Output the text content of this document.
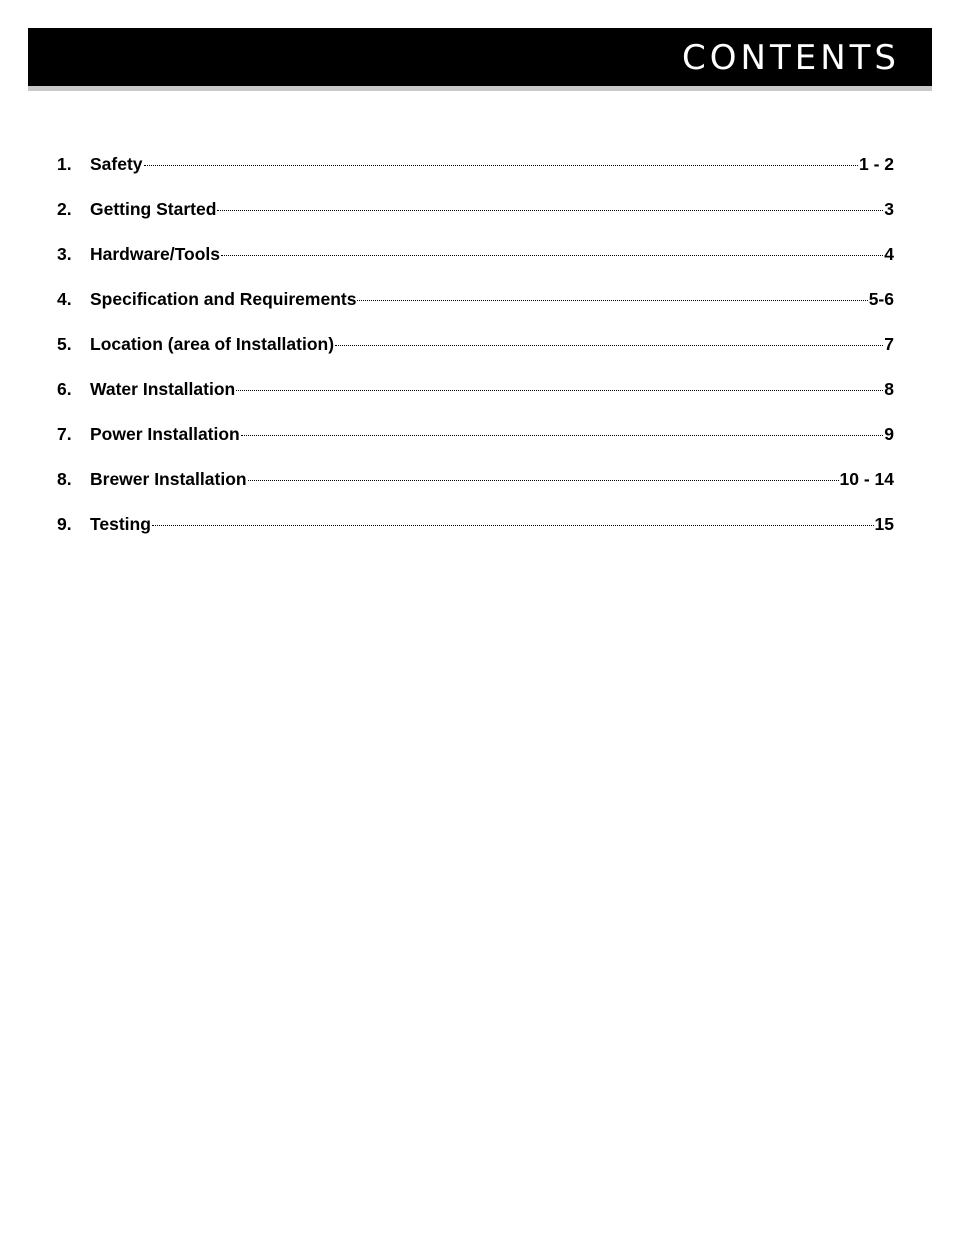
CONTENTS
1.	Safety	1 - 2
2.	Getting Started	3
3.	Hardware/Tools	4
4.	Specification and Requirements	5-6
5.	Location (area of Installation)	7
6.	Water Installation	8
7.	Power Installation	9
8.	Brewer Installation	10 - 14
9.	Testing	15
